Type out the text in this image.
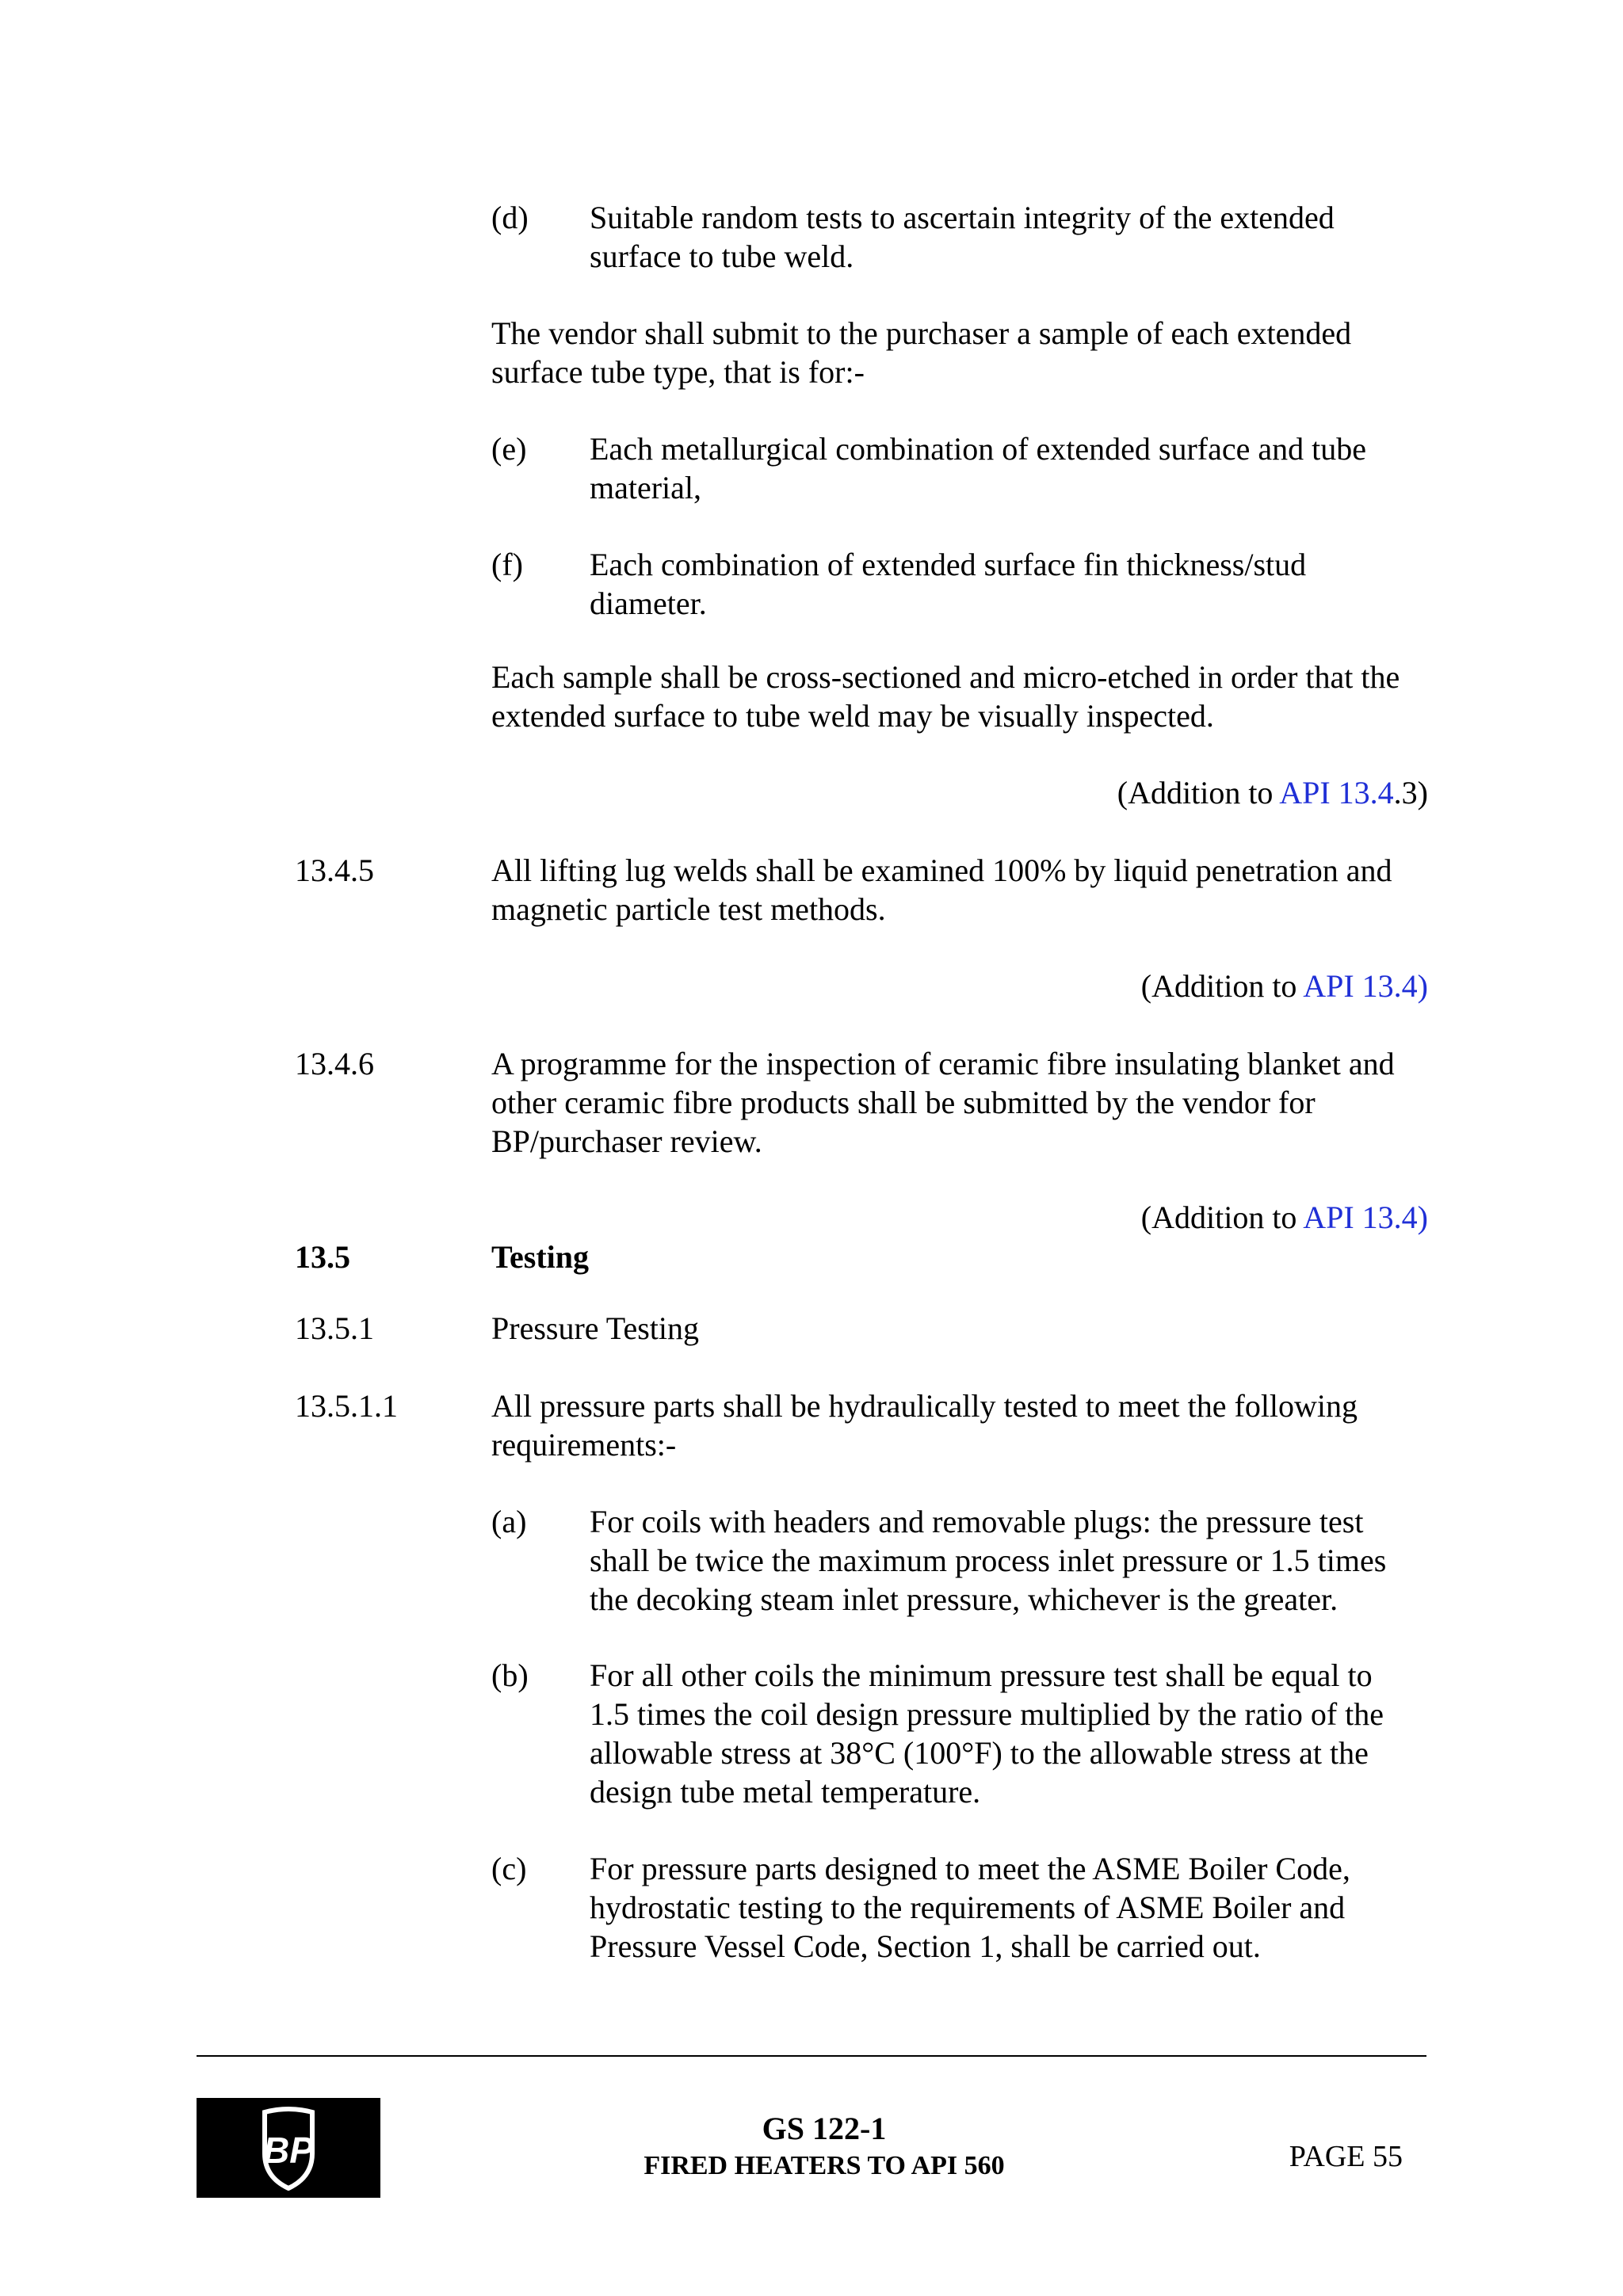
(d) Suitable random tests to ascertain integrity of the extended
surface to tube weld.
The vendor shall submit to the purchaser a sample of each extended
surface tube type, that is for:-
(e) Each metallurgical combination of extended surface and tube
material,
(f) Each combination of extended surface fin thickness/stud
diameter.
Each sample shall be cross-sectioned and micro-etched in order that the
extended surface to tube weld may be visually inspected.
(Addition to API 13.4.3)
13.4.5	All lifting lug welds shall be examined 100% by liquid penetration and
magnetic particle test methods.
(Addition to API 13.4)
13.4.6	A programme for the inspection of ceramic fibre insulating blanket and
other ceramic fibre products shall be submitted by the vendor for
BP/purchaser review.
(Addition to API 13.4)
13.5	Testing
13.5.1	Pressure Testing
13.5.1.1	All pressure parts shall be hydraulically tested to meet the following
requirements:-
(a) For coils with headers and removable plugs: the pressure test
shall be twice the maximum process inlet pressure or 1.5 times
the decoking steam inlet pressure, whichever is the greater.
(b) For all other coils the minimum pressure test shall be equal to
1.5 times the coil design pressure multiplied by the ratio of the
allowable stress at 38°C (100°F) to the allowable stress at the
design tube metal temperature.
(c) For pressure parts designed to meet the ASME Boiler Code,
hydrostatic testing to the requirements of ASME Boiler and
Pressure Vessel Code, Section 1, shall be carried out.
BP
GS 122-1
FIRED HEATERS TO API 560	PAGE 55
